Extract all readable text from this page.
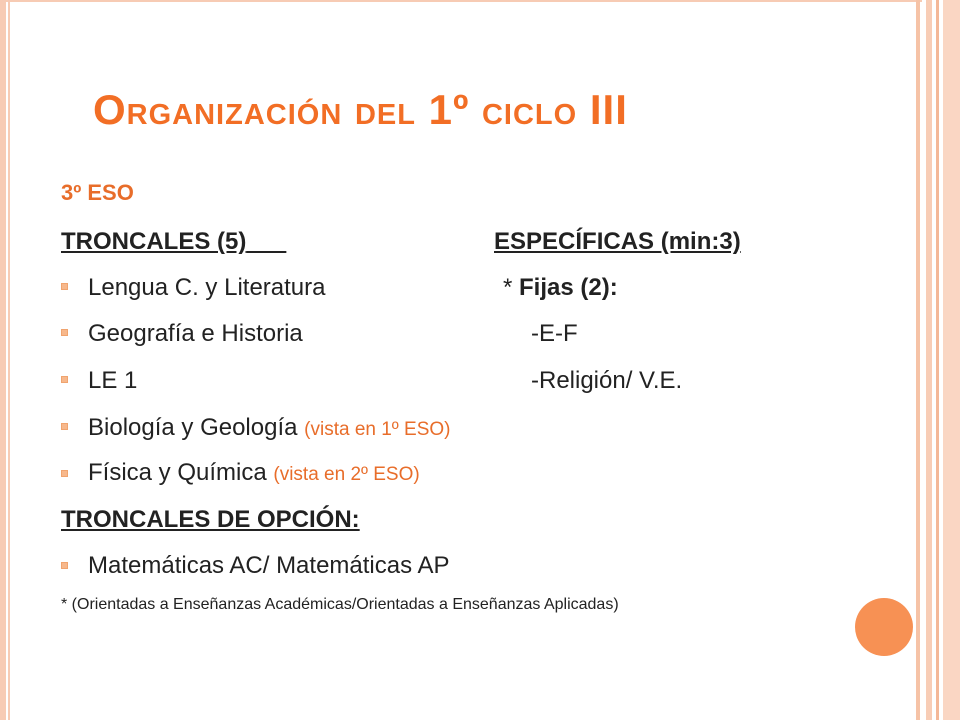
Organización del 1º ciclo III
3º ESO
TRONCALES (5)	ESPECÍFICAS (min:3)
Lengua C. y Literatura	* Fijas (2):
Geografía e Historia	-E-F
LE 1	-Religión/ V.E.
Biología y Geología (vista en 1º ESO)
Física y Química (vista en 2º ESO)
TRONCALES DE OPCIÓN:
Matemáticas AC/ Matemáticas AP
* (Orientadas a Enseñanzas Académicas/Orientadas a Enseñanzas Aplicadas)
